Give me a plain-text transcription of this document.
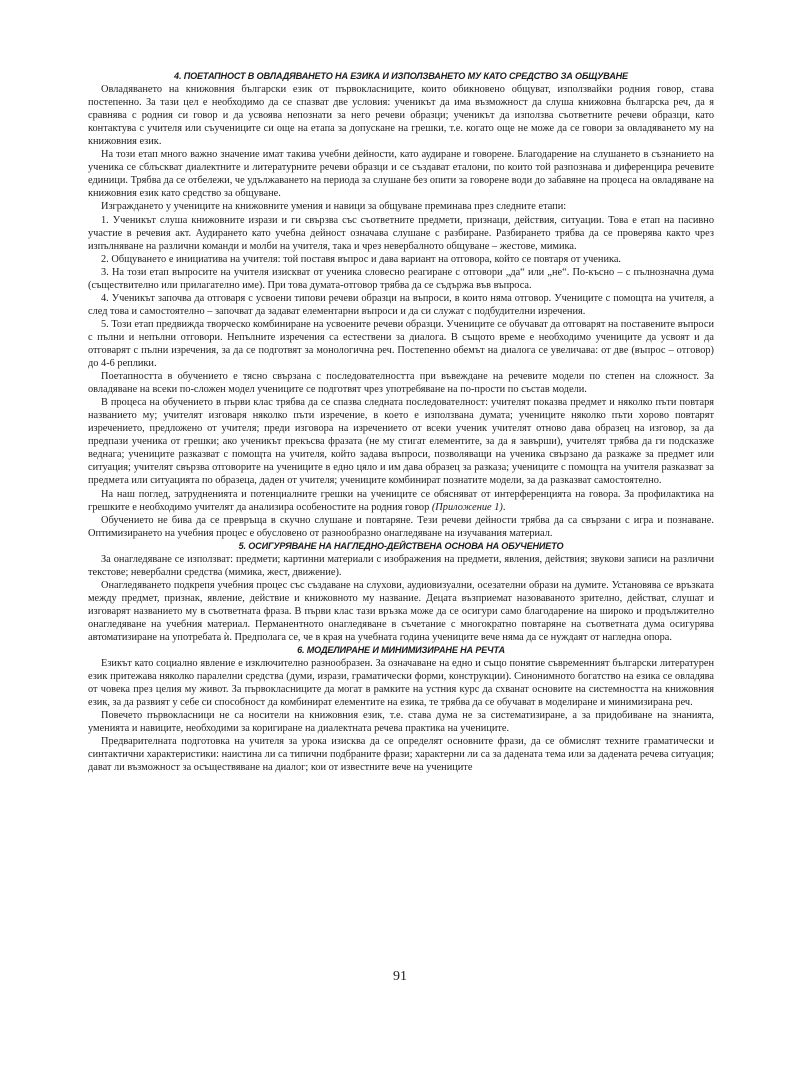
4. ПОЕТАПНОСТ В ОВЛАДЯВАНЕТО НА ЕЗИКА И ИЗПОЛЗВАНЕТО МУ КАТО СРЕДСТВО ЗА ОБЩУВАНЕ

Овладяването на книжовния български език от първокласниците, които обикновено общуват, използвайки родния говор, става постепенно. За тази цел е необходимо да се спазват две условия: ученикът да има възможност да слуша книжовна българска реч, да я сравнява с родния си говор и да усвоява непознати за него речеви образци; ученикът да използва съответните речеви образци, като контактува с учителя или съучениците си още на етапа за допускане на грешки, т.е. когато още не може да се говори за овладяването му на книжовния език.

На този етап много важно значение имат такива учебни дейности, като аудиране и говорене. Благодарение на слушането в съзнанието на ученика се сблъскват диалектните и литературните речеви образци и се създават еталони, по които той разпознава и диференцира речевите единици. Трябва да се отбележи, че удължаването на периода за слушане без опити за говорене води до забавяне на процеса на овладяване на книжовния език като средство за общуване.

Изграждането у учениците на книжовните умения и навици за общуване преминава през следните етапи:

1. Ученикът слуша книжовните изрази и ги свързва със съответните предмети, признаци, действия, ситуации. Това е етап на пасивно участие в речевия акт. Аудирането като учебна дейност означава слушане с разбиране. Разбирането трябва да се проверява както чрез изпълняване на различни команди и молби на учителя, така и чрез невербалното общуване – жестове, мимика.

2. Общуването е инициатива на учителя: той поставя въпрос и дава вариант на отговора, който се повтаря от ученика.

3. На този етап въпросите на учителя изискват от ученика словесно реагиране с отговори „да“ или „не“. По-късно – с пълнозначна дума (съществително или прилагателно име). При това думата-отговор трябва да се съдържа във въпроса.

4. Ученикът започва да отговаря с усвоени типови речеви образци на въпроси, в които няма отговор. Учениците с помощта на учителя, а след това и самостоятелно – започват да задават елементарни въпроси и да си служат с подбудителни изречения.

5. Този етап предвижда творческо комбиниране на усвоените речеви образци. Учениците се обучават да отговарят на поставените въпроси с пълни и непълни отговори. Непълните изречения са естествени за диалога. В същото време е необходимо учениците да усвоят и да отговарят с пълни изречения, за да се подготвят за монологична реч. Постепенно обемът на диалога се увеличава: от две (въпрос – отговор) до 4-6 реплики.

Поетапността в обучението е тясно свързана с последователността при въвеждане на речевите модели по степен на сложност. За овладяване на всеки по-сложен модел учениците се подготвят чрез употребяване на по-прости по състав модели.

В процеса на обучението в първи клас трябва да се спазва следната последователност: учителят показва предмет и няколко пъти повтаря названието му; учителят изговаря няколко пъти изречение, в което е използвана думата; учениците няколко пъти хорово повтарят изречението, предложено от учителя; преди изговора на изречението от всеки ученик учителят отново дава образец на изговор, за да предпази ученика от грешки; ако ученикът прекъсва фразата (не му стигат елементите, за да я завърши), учителят трябва да ги подсказже веднага; учениците разказват с помощта на учителя, който задава въпроси, позволяващи на ученика свързано да разкаже за предмет или ситуация; учителят свързва отговорите на учениците в едно цяло и им дава образец за разказа; учениците с помощта на учителя разказват за предмета или ситуацията по образеца, даден от учителя; учениците комбинират познатите модели, за да разказват самостоятелно.

На наш поглед, затрудненията и потенциалните грешки на учениците се обясняват от интерференцията на говора. За профилактика на грешките е необходимо учителят да анализира особеностите на родния говор (Приложение 1).

Обучението не бива да се превръща в скучно слушане и повтаряне. Тези речеви дейности трябва да са свързани с игра и познаване. Оптимизирането на учебния процес е обусловено от разнообразно онагледяване на изучавания материал.

5. ОСИГУРЯВАНЕ НА НАГЛЕДНО-ДЕЙСТВЕНА ОСНОВА НА ОБУЧЕНИЕТО

За онагледяване се използват: предмети; картинни материали с изображения на предмети, явления, действия; звукови записи на различни текстове; невербални средства (мимика, жест, движение).

Онагледяването подкрепя учебния процес със създаване на слухови, аудиовизуални, осезателни образи на думите. Установява се връзката между предмет, признак, явление, действие и книжовното му название. Децата възприемат назоваваното зрително, действат, слушат и изговарят названието му в съответната фраза. В първи клас тази връзка може да се осигури само благодарение на широко и продължително онагледяване на учебния материал. Перманентното онагледяване в съчетание с многократно повтаряне на съответната дума осигурява автоматизиране на употребата ѝ. Предполага се, че в края на учебната година учениците вече няма да се нуждаят от нагледна опора.

6. МОДЕЛИРАНЕ И МИНИМИЗИРАНЕ НА РЕЧТА

Езикът като социално явление е изключително разнообразен. За означаване на едно и също понятие съвременният български литературен език притежава няколко паралелни средства (думи, изрази, граматически форми, конструкции). Синонимното богатство на езика се овладява от човека през целия му живот. За първокласниците да могат в рамките на устния курс да схванат основите на системността на книжовния език, за да развият у себе си способност да комбинират елементите на езика, те трябва да се обучават в моделиране и минимизирана реч.

Повечето първокласници не са носители на книжовния език, т.е. става дума не за систематизиране, а за придобиване на знанията, уменията и навиците, необходими за коригиране на диалектната речева практика на учениците.

Предварителната подготовка на учителя за урока изисква да се определят основните фрази, да се обмислят техните граматически и синтактични характеристики: наистина ли са типични подбраните фрази; характерни ли са за дадената тема или за дадената речева ситуация; дават ли възможност за осъществяване на диалог; кои от известните вече на учениците

91
